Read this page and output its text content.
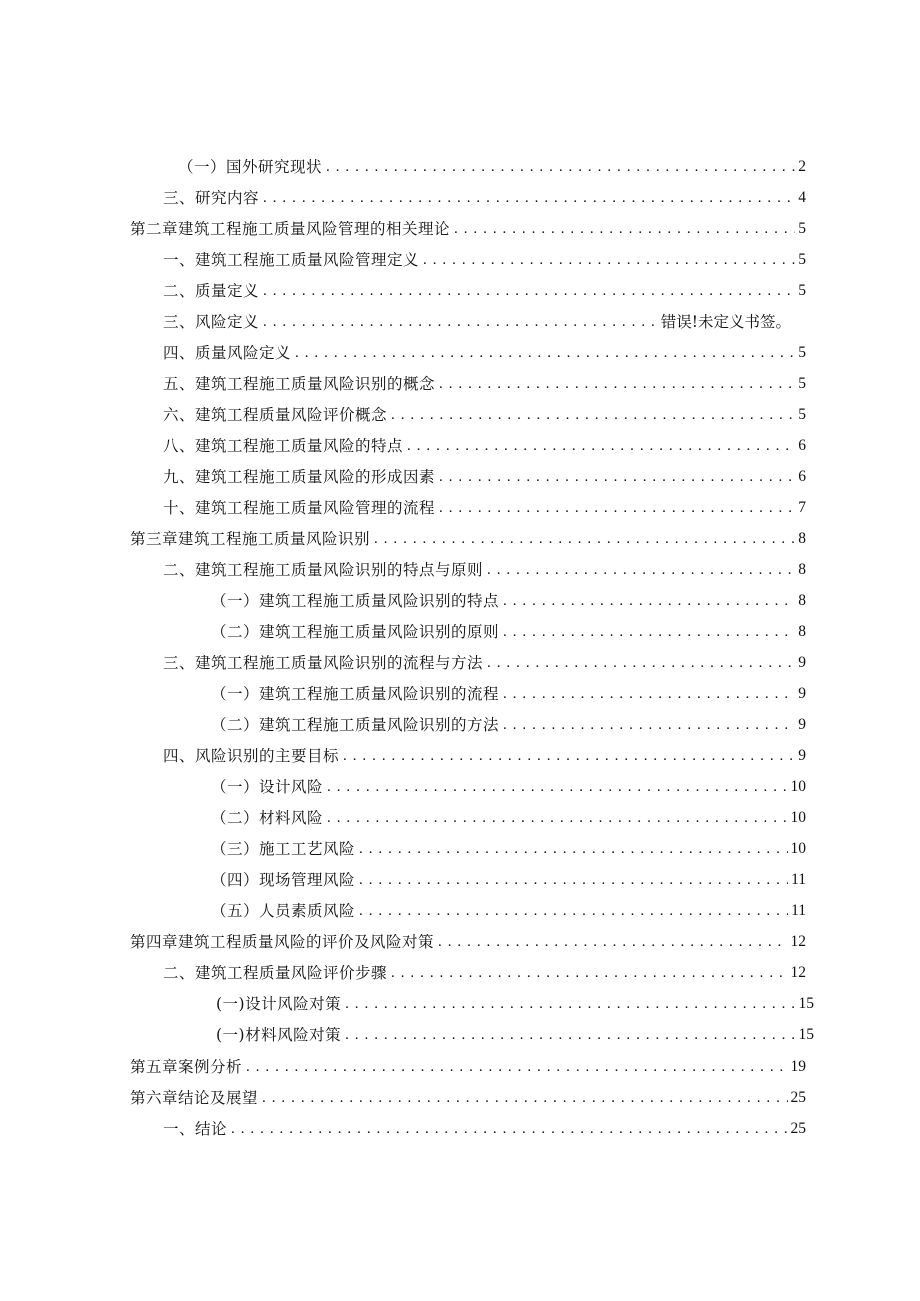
（一）国外研究现状 . . .	2
三、研究内容 . . .	4
第二章建筑工程施工质量风险管理的相关理论 . . .	5
一、建筑工程施工质量风险管理定义 . . .	5
二、质量定义 . . .	5
三、风险定义 . . .	错误!未定义书签。
四、质量风险定义 . . .	5
五、建筑工程施工质量风险识别的概念 . . .	5
六、建筑工程质量风险评价概念 . . .	5
八、建筑工程施工质量风险的特点 . . .	6
九、建筑工程施工质量风险的形成因素 . . .	6
十、建筑工程施工质量风险管理的流程 . . .	7
第三章建筑工程施工质量风险识别 . . .	8
二、建筑工程施工质量风险识别的特点与原则 . . .	8
（一）建筑工程施工质量风险识别的特点 . . .	8
（二）建筑工程施工质量风险识别的原则 . . .	8
三、建筑工程施工质量风险识别的流程与方法 . . .	9
（一）建筑工程施工质量风险识别的流程 . . .	9
（二）建筑工程施工质量风险识别的方法 . . .	9
四、风险识别的主要目标 . . .	9
（一）设计风险 . . .	10
（二）材料风险 . . .	10
（三）施工工艺风险 . . .	10
（四）现场管理风险 . . .	11
（五）人员素质风险 . . .	11
第四章建筑工程质量风险的评价及风险对策 . . .	12
二、建筑工程质量风险评价步骤 . . .	12
(一)设计风险对策 . . .	15
(一)材料风险对策 . . .	15
第五章案例分析 . . .	19
第六章结论及展望 . . .	25
一、结论 . . .	25
